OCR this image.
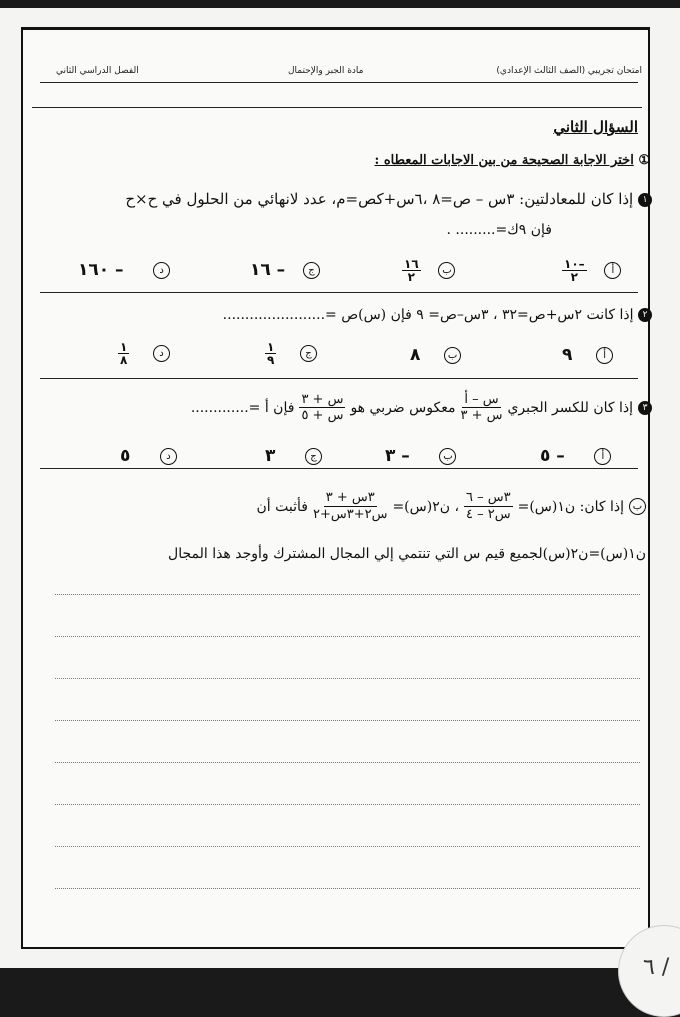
امتحان تجريبي (الصف الثالث الإعدادي)
مادة الجبر والإحتمال
الفصل الدراسي الثاني
السؤال الثاني
① اختر الاجابة الصحيحة من بين الاجابات المعطاه :
١ إذا كان للمعادلتين: ٣س – ص=٨ ،٦س+كص=م، عدد لانهائي من الحلول في ح×ح
فإن ٩ك=......... .
$\frac{١٠-}{٢}$ أ
$\frac{١٦}{٢}$ ب
١٦ – ج
١٦٠ –	د
٢ إذا كانت ٢س+ص=٣٢ ، ٣س–ص= ٩ فإن (س)ص =.......................
٩	أ
٨	ب
$\frac{١}{٩}$	ج
$\frac{١}{٨}$	د
٣
إذا كان للكسر الجبري
$\frac{\text{س – أ}}{\text{س + ٣}}$
معكوس ضربي هو
$\frac{\text{س + ٣}}{\text{س + ٥}}$
فإن أ =.............
٥ –	أ
٣ –	ب
٣	ج
٥	د
ب
إذا كان: ن١(س)=
$\frac{\text{٣س – ٦}}{\text{س٢ – ٤}}$
، ن٢(س)=
$\frac{\text{٣س + ٣}}{\text{س٢+٣س+٢}}$
فأثبت أن
ن١(س)=ن٢(س)لجميع قيم س التي تنتمي إلي المجال المشترك وأوجد هذا المجال
٦ /
